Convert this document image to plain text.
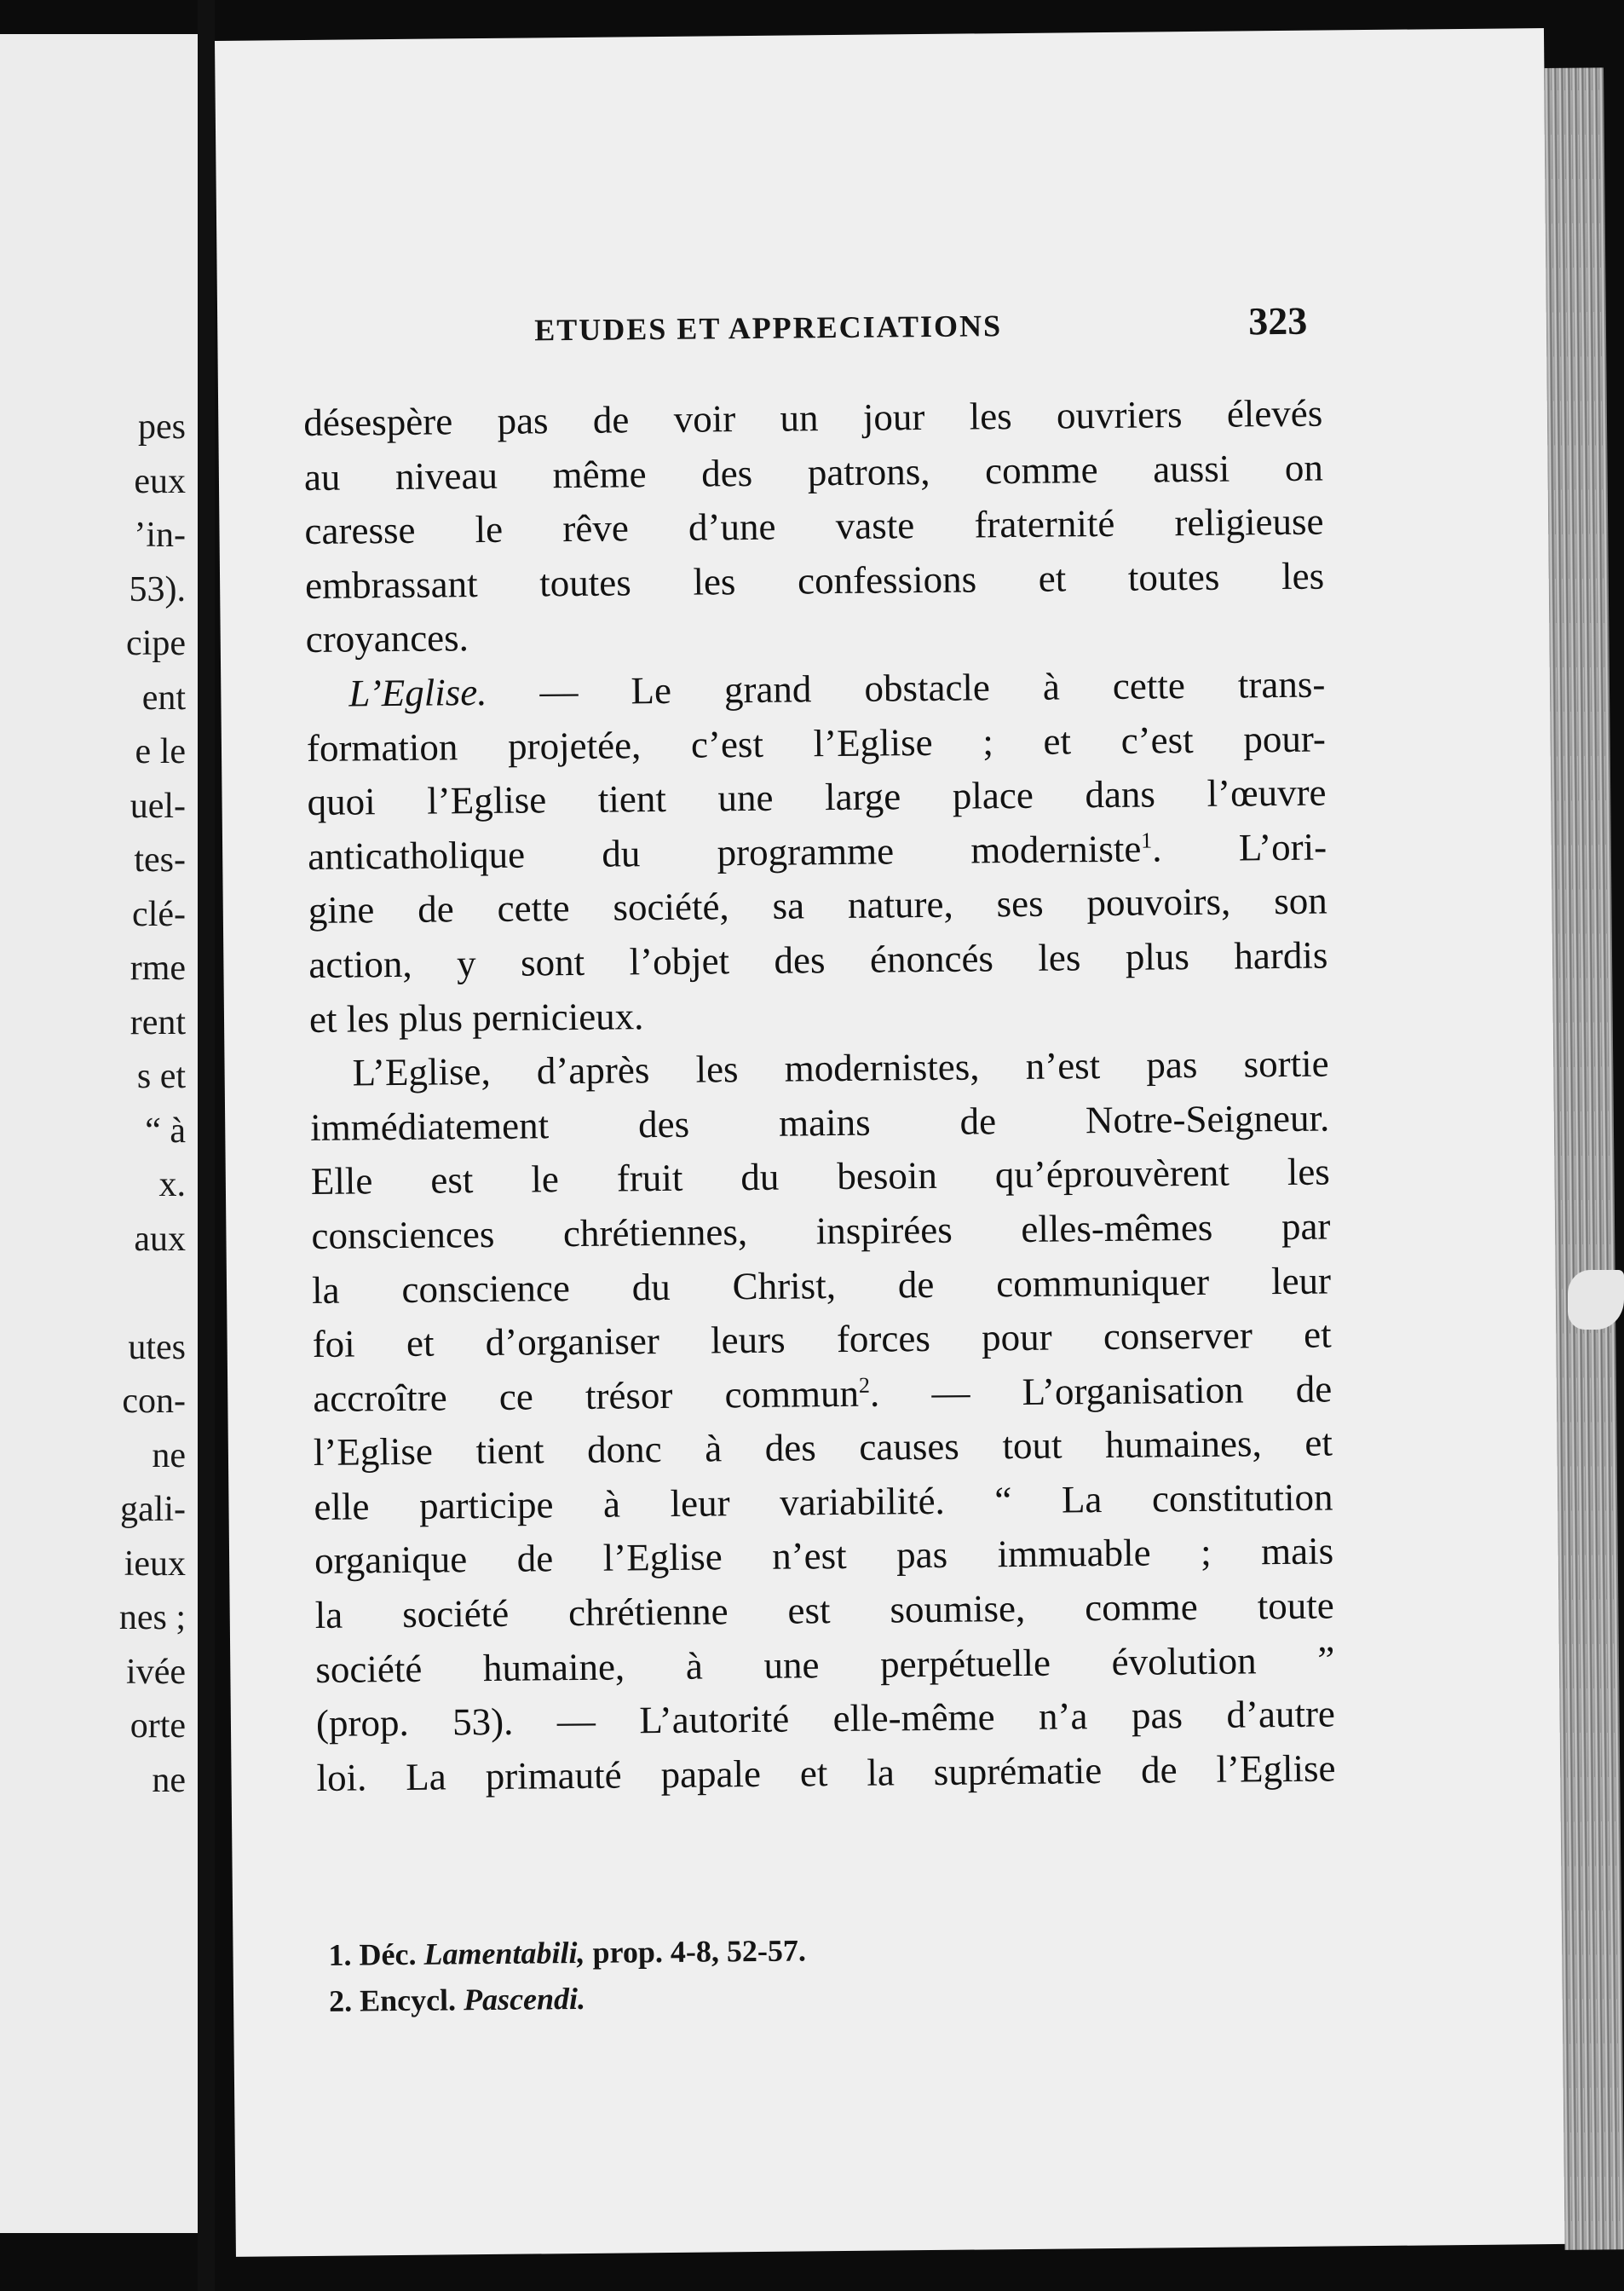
pes
eux
’in-
53).
cipe
ent
e le
uel-
tes-
clé-
rme
rent
s et
“ à
x.
aux

utes
con-
ne
gali-
ieux
nes ;
ivée
orte
ne
ETUDES ET APPRECIATIONS	323
désespère pas de voir un jour les ouvriers élevés
au niveau même des patrons, comme aussi on
caresse le rêve d’une vaste fraternité religieuse
embrassant toutes les confessions et toutes les
croyances.
L’Eglise. — Le grand obstacle à cette trans-
formation projetée, c’est l’Eglise ; et c’est pour-
quoi l’Eglise tient une large place dans l’œuvre
anticatholique du programme moderniste$^1$. L’ori-
gine de cette société, sa nature, ses pouvoirs, son
action, y sont l’objet des énoncés les plus hardis
et les plus pernicieux.
L’Eglise, d’après les modernistes, n’est pas sortie
immédiatement des mains de Notre-Seigneur.
Elle est le fruit du besoin qu’éprouvèrent les
consciences chrétiennes, inspirées elles-mêmes par
la conscience du Christ, de communiquer leur
foi et d’organiser leurs forces pour conserver et
accroître ce trésor commun$^2$. — L’organisation de
l’Eglise tient donc à des causes tout humaines, et
elle participe à leur variabilité. “ La constitution
organique de l’Eglise n’est pas immuable ; mais
la société chrétienne est soumise, comme toute
société humaine, à une perpétuelle évolution ”
(prop. 53). — L’autorité elle-même n’a pas d’autre
loi. La primauté papale et la suprématie de l’Eglise
1. Déc. Lamentabili, prop. 4-8, 52-57.
2. Encycl. Pascendi.
